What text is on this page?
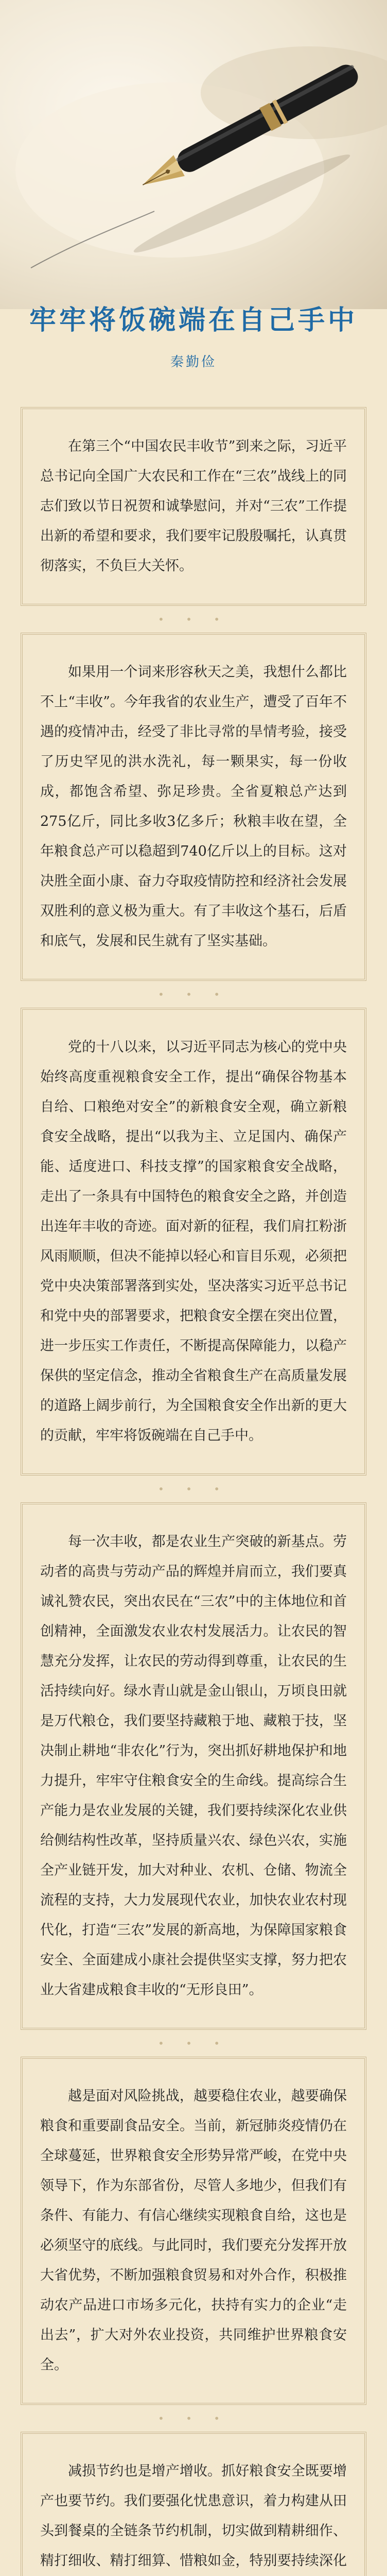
牢牢将饭碗端在自己手中
秦勤俭

在第三个“中国农民丰收节”到来之际，习近平总书记向全国广大农民和工作在“三农”战线上的同志们致以节日祝贺和诚挚慰问，并对“三农”工作提出新的希望和要求，我们要牢记殷殷嘱托，认真贯彻落实，不负巨大关怀。

• • •

如果用一个词来形容秋天之美，我想什么都比不上“丰收”。今年我省的农业生产，遭受了百年不遇的疫情冲击，经受了非比寻常的旱情考验，接受了历史罕见的洪水洗礼，每一颗果实，每一份收成，都饱含希望、弥足珍贵。全省夏粮总产达到275亿斤，同比多收3亿多斤；秋粮丰收在望，全年粮食总产可以稳超到740亿斤以上的目标。这对决胜全面小康、奋力夺取疫情防控和经济社会发展双胜利的意义极为重大。有了丰收这个基石，后盾和底气，发展和民生就有了坚实基础。

• • •

党的十八以来，以习近平同志为核心的党中央始终高度重视粮食安全工作，提出“确保谷物基本自给、口粮绝对安全”的新粮食安全观，确立新粮食安全战略，提出“以我为主、立足国内、确保产能、适度进口、科技支撑”的国家粮食安全战略，走出了一条具有中国特色的粮食安全之路，并创造出连年丰收的奇迹。面对新的征程，我们肩扛粉浙风雨顺顺，但决不能掉以轻心和盲目乐观，必须把党中央决策部署落到实处，坚决落实习近平总书记和党中央的部署要求，把粮食安全摆在突出位置，进一步压实工作责任，不断提高保障能力，以稳产保供的坚定信念，推动全省粮食生产在高质量发展的道路上阔步前行，为全国粮食安全作出新的更大的贡献，牢牢将饭碗端在自己手中。

• • •

每一次丰收，都是农业生产突破的新基点。劳动者的高贵与劳动产品的辉煌并肩而立，我们要真诚礼赞农民，突出农民在“三农”中的主体地位和首创精神，全面激发农业农村发展活力。让农民的智慧充分发挥，让农民的劳动得到尊重，让农民的生活持续向好。绿水青山就是金山银山，万顷良田就是万代粮仓，我们要坚持藏粮于地、藏粮于技，坚决制止耕地“非农化”行为，突出抓好耕地保护和地力提升，牢牢守住粮食安全的生命线。提高综合生产能力是农业发展的关键，我们要持续深化农业供给侧结构性改革，坚持质量兴农、绿色兴农，实施全产业链开发，加大对种业、农机、仓储、物流全流程的支持，大力发展现代农业，加快农业农村现代化，打造“三农”发展的新高地，为保障国家粮食安全、全面建成小康社会提供坚实支撑，努力把农业大省建成粮食丰收的“无形良田”。

• • •

越是面对风险挑战，越要稳住农业，越要确保粮食和重要副食品安全。当前，新冠肺炎疫情仍在全球蔓延，世界粮食安全形势异常严峻，在党中央领导下，作为东部省份，尽管人多地少，但我们有条件、有能力、有信心继续实现粮食自给，这也是必须坚守的底线。与此同时，我们要充分发挥开放大省优势，不断加强粮食贸易和对外合作，积极推动农产品进口市场多元化，扶持有实力的企业“走出去”，扩大对外农业投资，共同维护世界粮食安全。

• • •

减损节约也是增产增收。抓好粮食安全既要增产也要节约。我们要强化忧患意识，着力构建从田头到餐桌的全链条节约机制，切实做到精耕细作、精打细收、精打细算、惜粮如金，特别要持续深化
